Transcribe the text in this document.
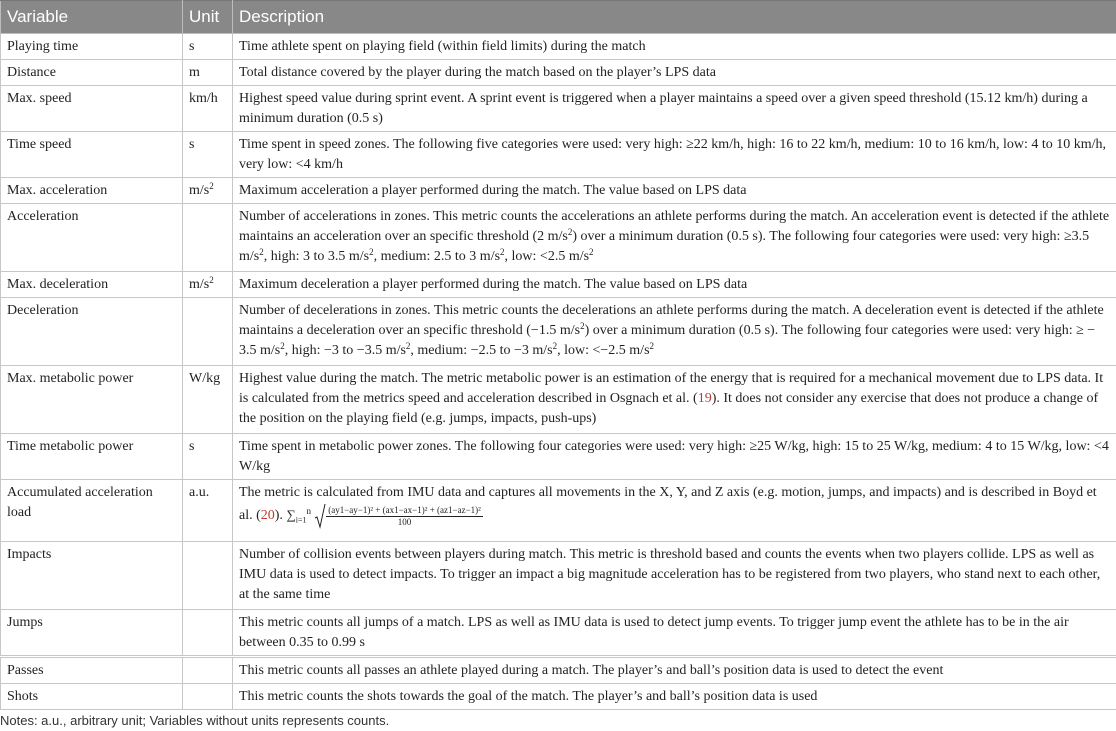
Variable	Unit	Description
Playing time	s	Time athlete spent on playing field (within field limits) during the match
Distance	m	Total distance covered by the player during the match based on the player’s LPS data
Max. speed	km/h	Highest speed value during sprint event. A sprint event is triggered when a player maintains a speed over a given speed threshold (15.12 km/h) during a minimum duration (0.5 s)
Time speed	s	Time spent in speed zones. The following five categories were used: very high: ≥22 km/h, high: 16 to 22 km/h, medium: 10 to 16 km/h, low: 4 to 10 km/h, very low: <4 km/h
Max. acceleration	$m/s^2$	Maximum acceleration a player performed during the match. The value based on LPS data
Acceleration		Number of accelerations in zones. This metric counts the accelerations an athlete performs during the match. An acceleration event is detected if the athlete maintains an acceleration over an specific threshold (2 $m/s^2$) over a minimum duration (0.5 s). The following four categories were used: very high: ≥3.5 $m/s^2$, high: 3 to 3.5 $m/s^2$, medium: 2.5 to 3 $m/s^2$, low: <2.5 $m/s^2$
Max. deceleration	$m/s^2$	Maximum deceleration a player performed during the match. The value based on LPS data
Deceleration		Number of decelerations in zones. This metric counts the decelerations an athlete performs during the match. A deceleration event is detected if the athlete maintains a deceleration over an specific threshold (−1.5 $m/s^2$) over a minimum duration (0.5 s). The following four categories were used: very high: ≥ − 3.5 $m/s^2$, high: −3 to −3.5 $m/s^2$, medium: −2.5 to −3 $m/s^2$, low: <−2.5 $m/s^2$
Max. metabolic power	W/kg	Highest value during the match. The metric metabolic power is an estimation of the energy that is required for a mechanical movement due to LPS data. It is calculated from the metrics speed and acceleration described in Osgnach et al. (19). It does not consider any exercise that does not produce a change of the position on the playing field (e.g. jumps, impacts, push-ups)
Time metabolic power	s	Time spent in metabolic power zones. The following four categories were used: very high: ≥25 W/kg, high: 15 to 25 W/kg, medium: 4 to 15 W/kg, low: <4 W/kg
Accumulated acceleration load	a.u.	The metric is calculated from IMU data and captures all movements in the X, Y, and Z axis (e.g. motion, jumps, and impacts) and is described in Boyd et al. (20). $\sum_{i=1}^n \frac{\text{(ay1−ay−1)² + (ax1−ax−1)² + (az1−az−1)²}}{100}$

Impacts		Number of collision events between players during match. This metric is threshold based and counts the events when two players collide. LPS as well as IMU data is used to detect impacts. To trigger an impact a big magnitude acceleration has to be registered from two players, who stand next to each other, at the same time
Jumps		This metric counts all jumps of a match. LPS as well as IMU data is used to detect jump events. To trigger jump event the athlete has to be in the air between 0.35 to 0.99 s
Passes		This metric counts all passes an athlete played during a match. The player’s and ball’s position data is used to detect the event
Shots		This metric counts the shots towards the goal of the match. The player’s and ball’s position data is used
Notes: a.u., arbitrary unit; Variables without units represents counts.
